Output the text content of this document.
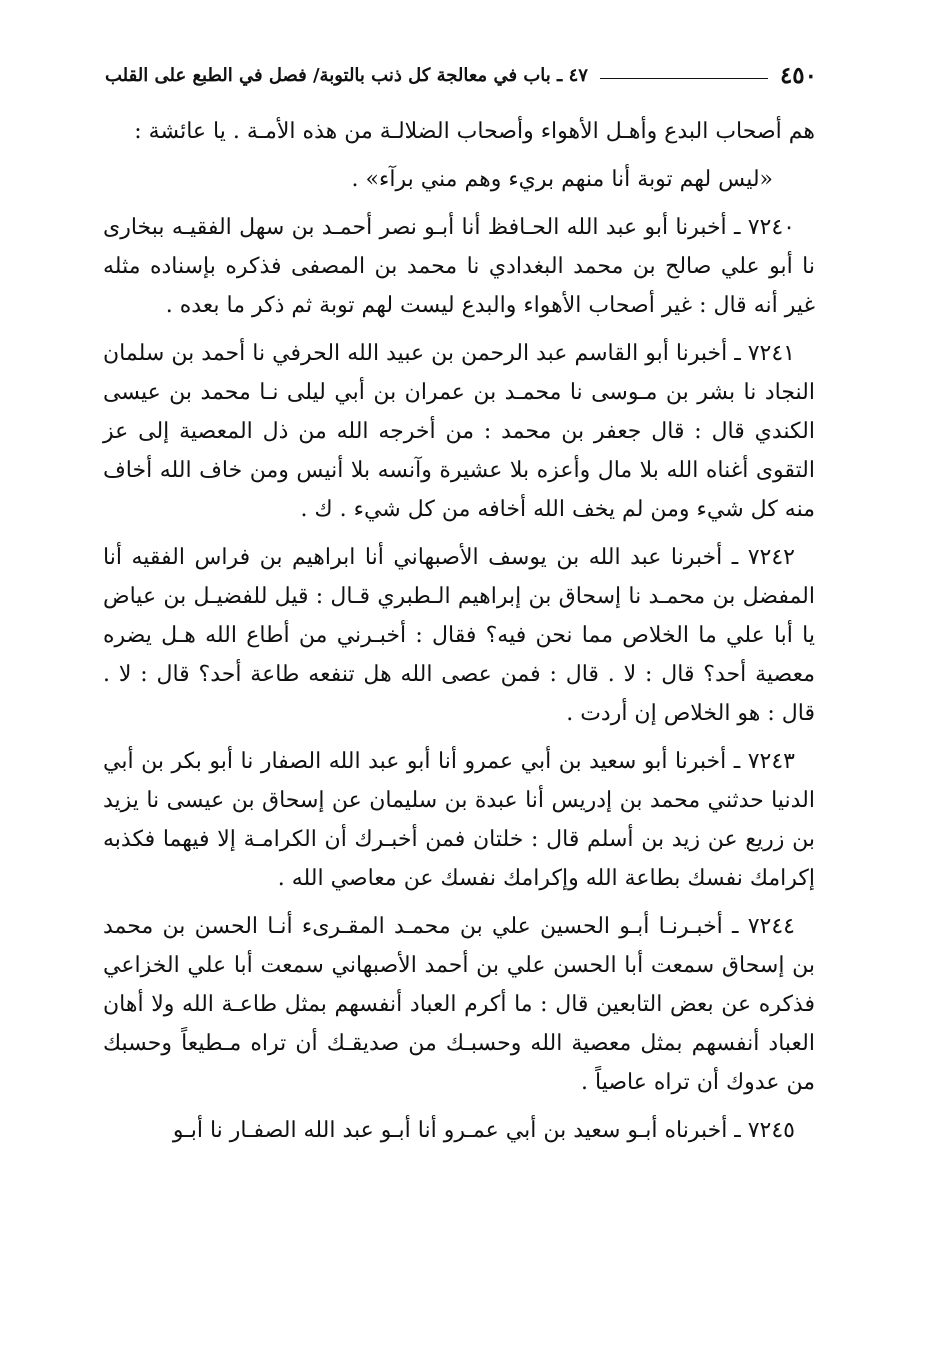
٤٥٠
٤٧ ـ باب في معالجة كل ذنب بالتوبة/ فصل في الطبع على القلب

هم أصحاب البدع وأهـل الأهواء وأصحاب الضلالـة من هذه الأمـة . يا عائشة :

«ليس لهم توبة أنا منهم بريء وهم مني برآء» .

٧٢٤٠ ـ أخبرنا أبو عبد الله الحـافظ أنا أبـو نصر أحمـد بن سهل الفقيـه ببخارى نا أبو علي صالح بن محمد البغدادي نا محمد بن المصفى فذكره بإسناده مثله غير أنه قال : غير أصحاب الأهواء والبدع ليست لهم توبة ثم ذكر ما بعده .

٧٢٤١ ـ أخبرنا أبو القاسم عبد الرحمن بن عبيد الله الحرفي نا أحمد بن سلمان النجاد نا بشر بن مـوسى نا محمـد بن عمران بن أبي ليلى نـا محمد بن عيسى الكندي قال : قال جعفر بن محمد : من أخرجه الله من ذل المعصية إلى عز التقوى أغناه الله بلا مال وأعزه بلا عشيرة وآنسه بلا أنيس ومن خاف الله أخاف منه كل شيء ومن لم يخف الله أخافه من كل شيء . ك .

٧٢٤٢ ـ أخبرنا عبد الله بن يوسف الأصبهاني أنا ابراهيم بن فراس الفقيه أنا المفضل بن محمـد نا إسحاق بن إبراهيم الـطبري قـال : قيل للفضيـل بن عياض يا أبا علي ما الخلاص مما نحن فيه؟ فقال : أخبـرني من أطاع الله هـل يضره معصية أحد؟ قال : لا . قال : فمن عصى الله هل تنفعه طاعة أحد؟ قال : لا . قال : هو الخلاص إن أردت .

٧٢٤٣ ـ أخبرنا أبو سعيد بن أبي عمرو أنا أبو عبد الله الصفار نا أبو بكر بن أبي الدنيا حدثني محمد بن إدريس أنا عبدة بن سليمان عن إسحاق بن عيسى نا يزيد بن زريع عن زيد بن أسلم قال : خلتان فمن أخبـرك أن الكرامـة إلا فيهما فكذبه إكرامك نفسك بطاعة الله وإكرامك نفسك عن معاصي الله .

٧٢٤٤ ـ أخبـرنـا أبـو الحسين علي بن محمـد المقـرىء أنـا الحسن بن محمد بن إسحاق سمعت أبا الحسن علي بن أحمد الأصبهاني سمعت أبا علي الخزاعي فذكره عن بعض التابعين قال : ما أكرم العباد أنفسهم بمثل طاعـة الله ولا أهان العباد أنفسهم بمثل معصية الله وحسبـك من صديقـك أن تراه مـطيعاً وحسبك من عدوك أن تراه عاصياً .

٧٢٤٥ ـ أخبرناه أبـو سعيد بن أبي عمـرو أنا أبـو عبد الله الصفـار نا أبـو
